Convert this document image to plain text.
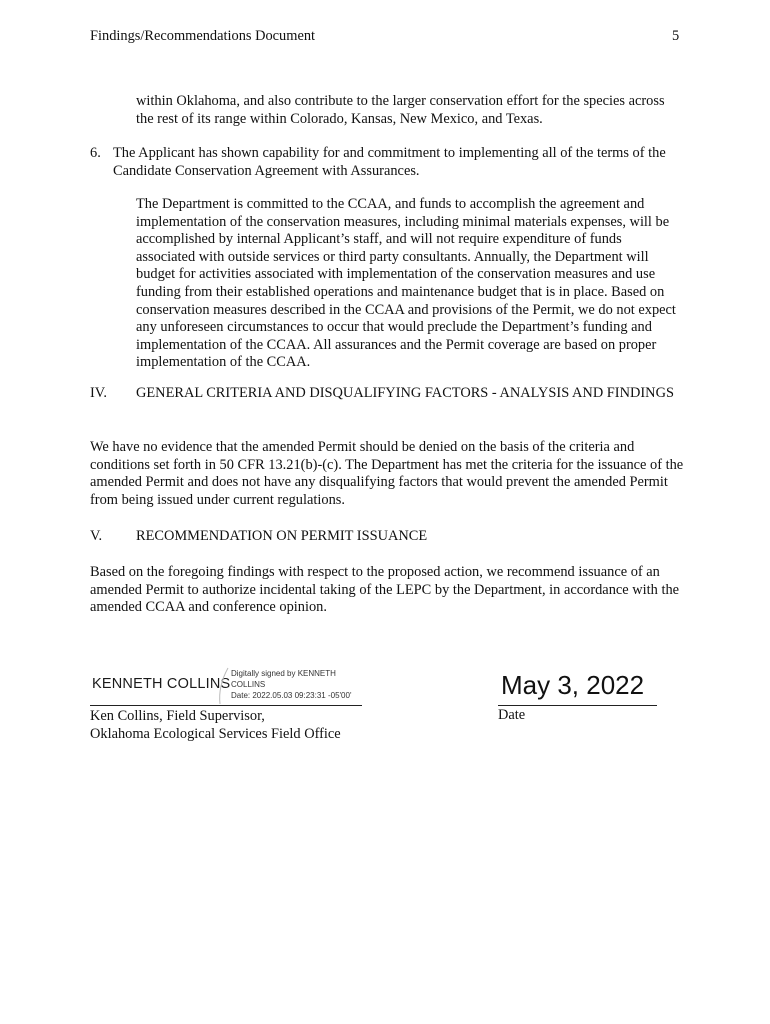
Findings/Recommendations Document	5

within Oklahoma, and also contribute to the larger conservation effort for the species across the rest of its range within Colorado, Kansas, New Mexico, and Texas.

6. The Applicant has shown capability for and commitment to implementing all of the terms of the Candidate Conservation Agreement with Assurances.

The Department is committed to the CCAA, and funds to accomplish the agreement and implementation of the conservation measures, including minimal materials expenses, will be accomplished by internal Applicant’s staff, and will not require expenditure of funds associated with outside services or third party consultants. Annually, the Department will budget for activities associated with implementation of the conservation measures and use funding from their established operations and maintenance budget that is in place. Based on conservation measures described in the CCAA and provisions of the Permit, we do not expect any unforeseen circumstances to occur that would preclude the Department’s funding and implementation of the CCAA. All assurances and the Permit coverage are based on proper implementation of the CCAA.

IV. GENERAL CRITERIA AND DISQUALIFYING FACTORS - ANALYSIS AND FINDINGS

We have no evidence that the amended Permit should be denied on the basis of the criteria and conditions set forth in 50 CFR 13.21(b)-(c). The Department has met the criteria for the issuance of the amended Permit and does not have any disqualifying factors that would prevent the amended Permit from being issued under current regulations.

V. RECOMMENDATION ON PERMIT ISSUANCE

Based on the foregoing findings with respect to the proposed action, we recommend issuance of an amended Permit to authorize incidental taking of the LEPC by the Department, in accordance with the amended CCAA and conference opinion.

KENNETH COLLINS
Digitally signed by KENNETH
COLLINS
Date: 2022.05.03 09:23:31 -05'00'
Ken Collins, Field Supervisor,
Oklahoma Ecological Services Field Office
May 3, 2022
Date
